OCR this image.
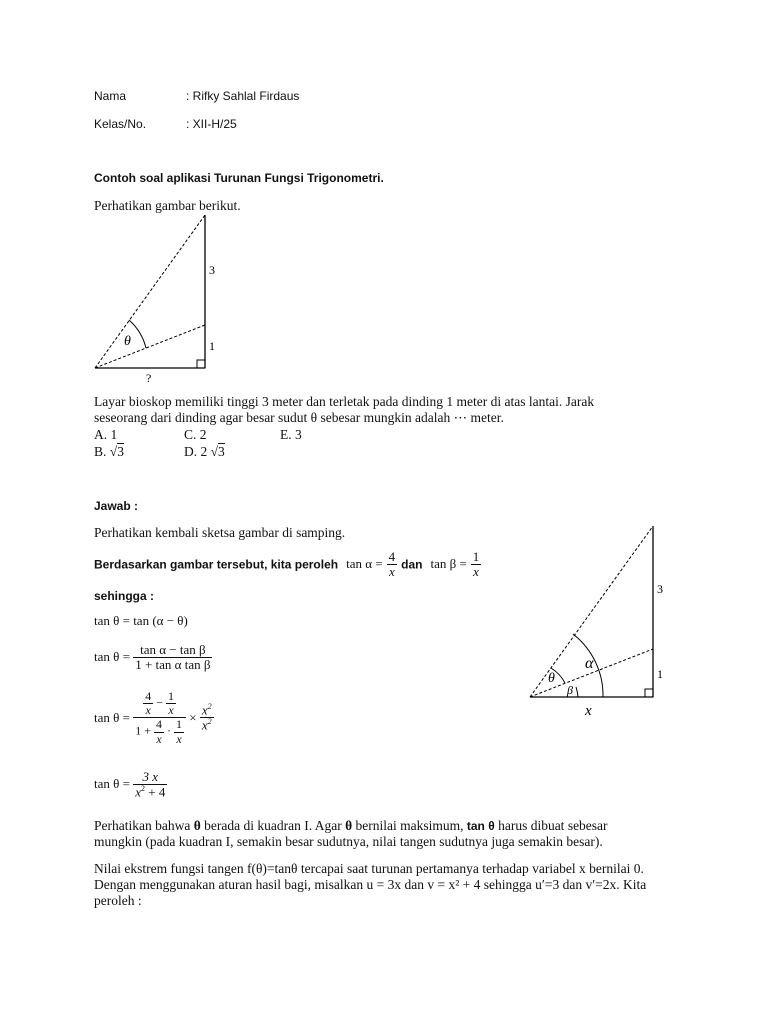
Nama	: Rifky Sahlal Firdaus
Kelas/No.	: XII-H/25
Contoh soal aplikasi Turunan Fungsi Trigonometri.
Perhatikan gambar berikut.
θ
3
1
?
Layar bioskop memiliki tinggi 3 meter dan terletak pada dinding 1 meter di atas lantai. Jarak
seseorang dari dinding agar besar sudut θ sebesar mungkin adalah ⋯ meter.
A. 1	C. 2	E. 3
B. √3	D. 2 √3
Jawab :
Perhatikan kembali sketsa gambar di samping.
Berdasarkan gambar tersebut, kita peroleh $\tan \alpha = \frac{4}{x}$ dan $\tan \beta = \frac{1}{x}$
sehingga :
tan θ = tan (α − θ)
$\tan \theta = \frac{\text{tan α − tan β}}{\text{1 + tan α tan β}}$
$\tan \theta = \frac{\frac{4}{x} - \frac{1}{x}}{1 + \frac{4}{x} \cdot \frac{1}{x}} \times \frac{x^2}{x^2}$
$\tan \theta = \frac{3 x}{x^2 + 4}$
θ
α
β
3
1
x
Perhatikan bahwa θ berada di kuadran I. Agar θ bernilai maksimum, tan θ harus dibuat sebesar
mungkin (pada kuadran I, semakin besar sudutnya, nilai tangen sudutnya juga semakin besar).
Nilai ekstrem fungsi tangen f(θ)=tanθ tercapai saat turunan pertamanya terhadap variabel x bernilai 0.
Dengan menggunakan aturan hasil bagi, misalkan u = 3x dan v = x² + 4 sehingga u′=3 dan v′=2x. Kita
peroleh :
